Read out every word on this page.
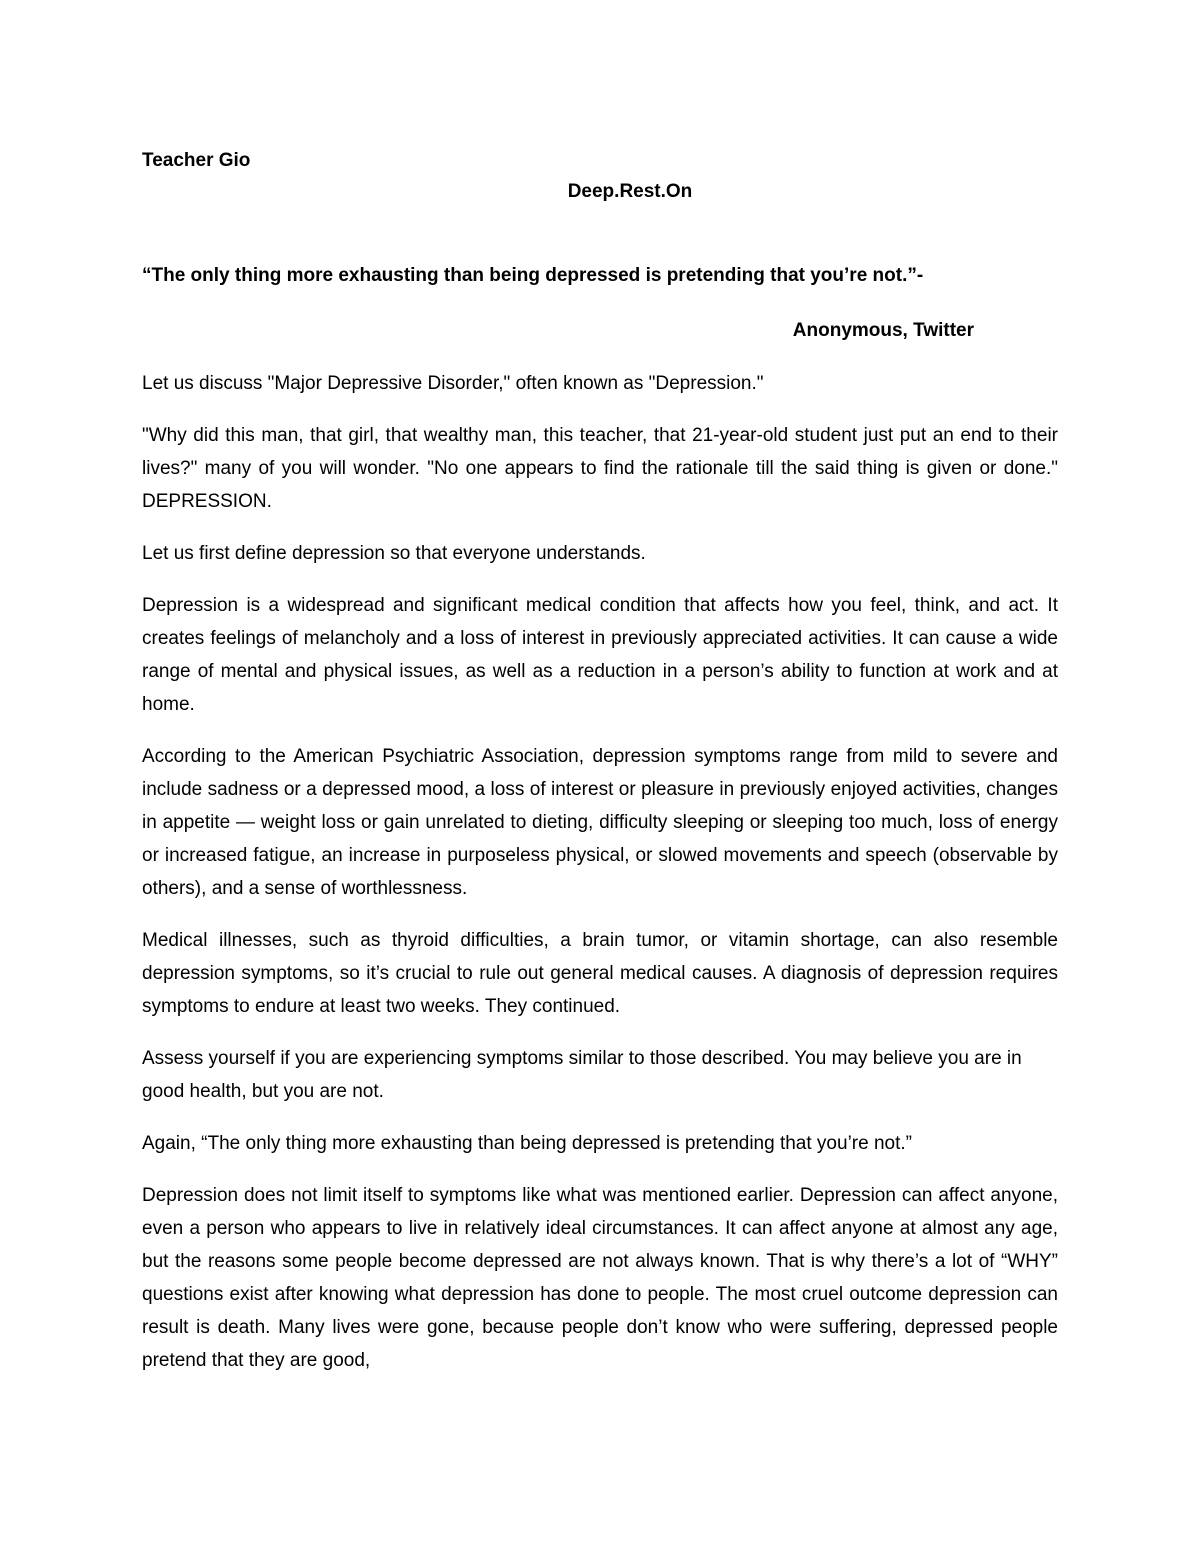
Teacher Gio
Deep.Rest.On
“The only thing more exhausting than being depressed is pretending that you’re not.”-
Anonymous, Twitter

Let us discuss "Major Depressive Disorder," often known as "Depression."

"Why did this man, that girl, that wealthy man, this teacher, that 21-year-old student just put an end to their lives?" many of you will wonder. "No one appears to find the rationale till the said thing is given or done." DEPRESSION.

Let us first define depression so that everyone understands.

Depression is a widespread and significant medical condition that affects how you feel, think, and act. It creates feelings of melancholy and a loss of interest in previously appreciated activities. It can cause a wide range of mental and physical issues, as well as a reduction in a person’s ability to function at work and at home.

According to the American Psychiatric Association, depression symptoms range from mild to severe and include sadness or a depressed mood, a loss of interest or pleasure in previously enjoyed activities, changes in appetite — weight loss or gain unrelated to dieting, difficulty sleeping or sleeping too much, loss of energy or increased fatigue, an increase in purposeless physical, or slowed movements and speech (observable by others), and a sense of worthlessness.

Medical illnesses, such as thyroid difficulties, a brain tumor, or vitamin shortage, can also resemble depression symptoms, so it’s crucial to rule out general medical causes. A diagnosis of depression requires symptoms to endure at least two weeks. They continued.

Assess yourself if you are experiencing symptoms similar to those described. You may believe you are in good health, but you are not.

Again, “The only thing more exhausting than being depressed is pretending that you’re not.”

Depression does not limit itself to symptoms like what was mentioned earlier. Depression can affect anyone, even a person who appears to live in relatively ideal circumstances. It can affect anyone at almost any age, but the reasons some people become depressed are not always known. That is why there’s a lot of “WHY” questions exist after knowing what depression has done to people. The most cruel outcome depression can result is death. Many lives were gone, because people don’t know who were suffering, depressed people pretend that they are good,
